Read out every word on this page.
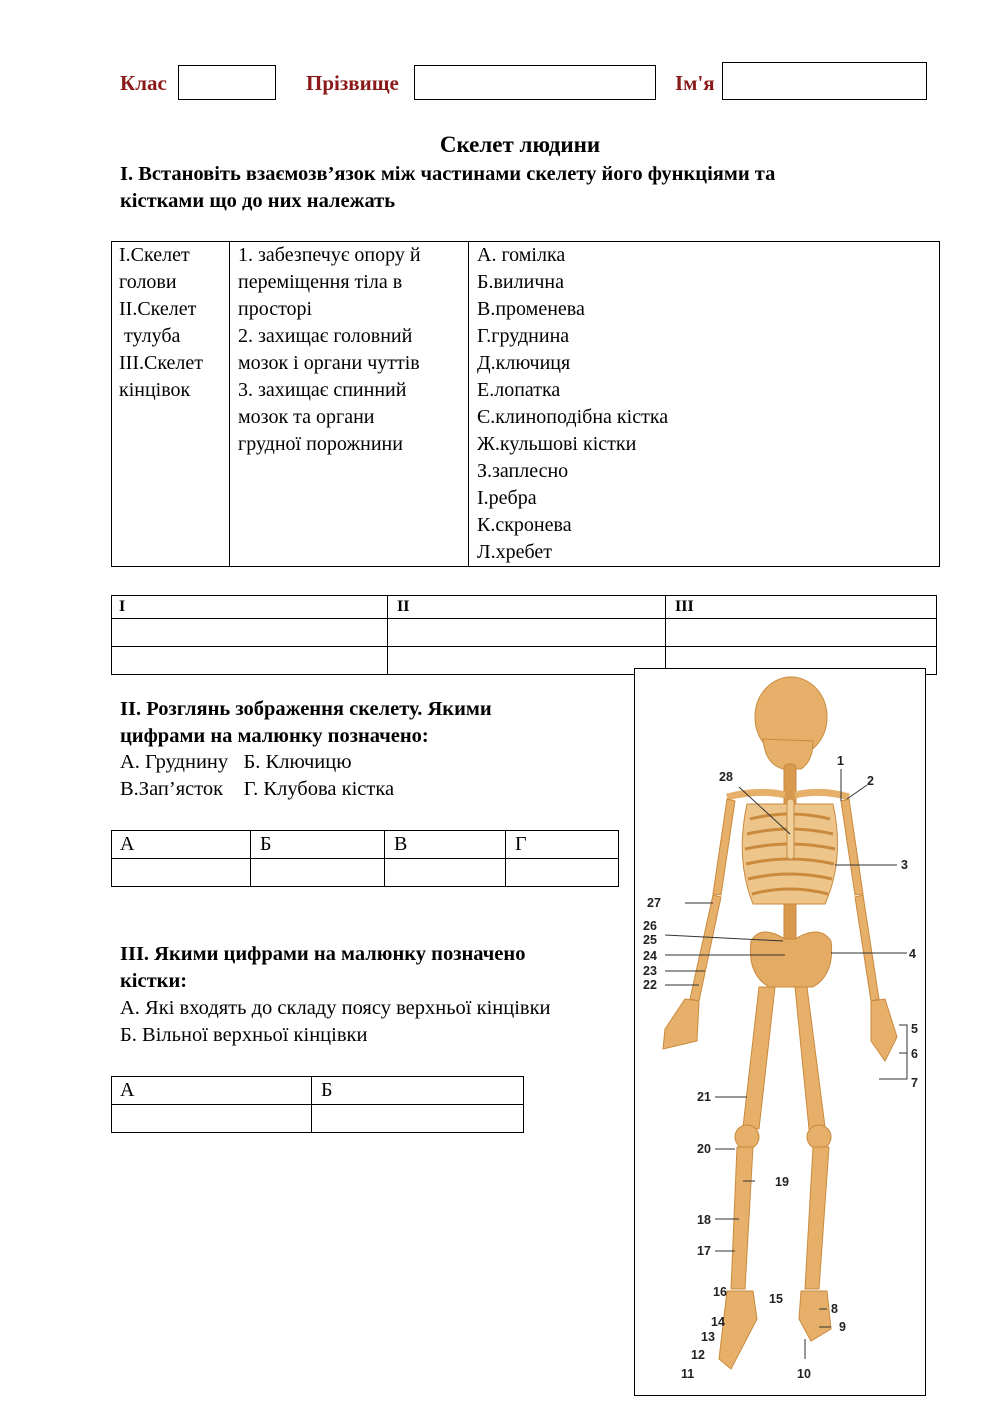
Клас	Прізвище	Ім'я
Скелет людини
І. Встановіть взаємозв’язок між частинами скелету його функціями та
кістками що до них належать
І.Скелет
голови
ІІ.Скелет
тулуба
ІІІ.Скелет
кінцівок

1. забезпечує опору й
переміщення тіла в
просторі
2. захищає головний
мозок і органи чуттів
3. захищає спинний
мозок та органи
грудної порожнини

А. гомілка
Б.вилична
В.променева
Г.груднина
Д.ключиця
Е.лопатка
Є.клиноподібна кістка
Ж.кульшові кістки
З.заплесно
І.ребра
К.скронева
Л.хребет
І	ІІ	ІІІ

ІІ. Розглянь зображення скелету. Якими
цифрами на малюнку позначено:
А. Груднину   Б. Ключицю
В.Зап’ясток    Г. Клубова кістка
А	Б	В	Г

ІІІ. Якими цифрами на малюнку позначено
кістки:
А. Які входять до складу поясу верхньої кінцівки
Б. Вільної верхньої кінцівки
А	Б

1
2
3
4
5
6
7
8
9
10
11
12
13
14
15
16
17
18
19
20
21
22
23
24
25
26
27
28
